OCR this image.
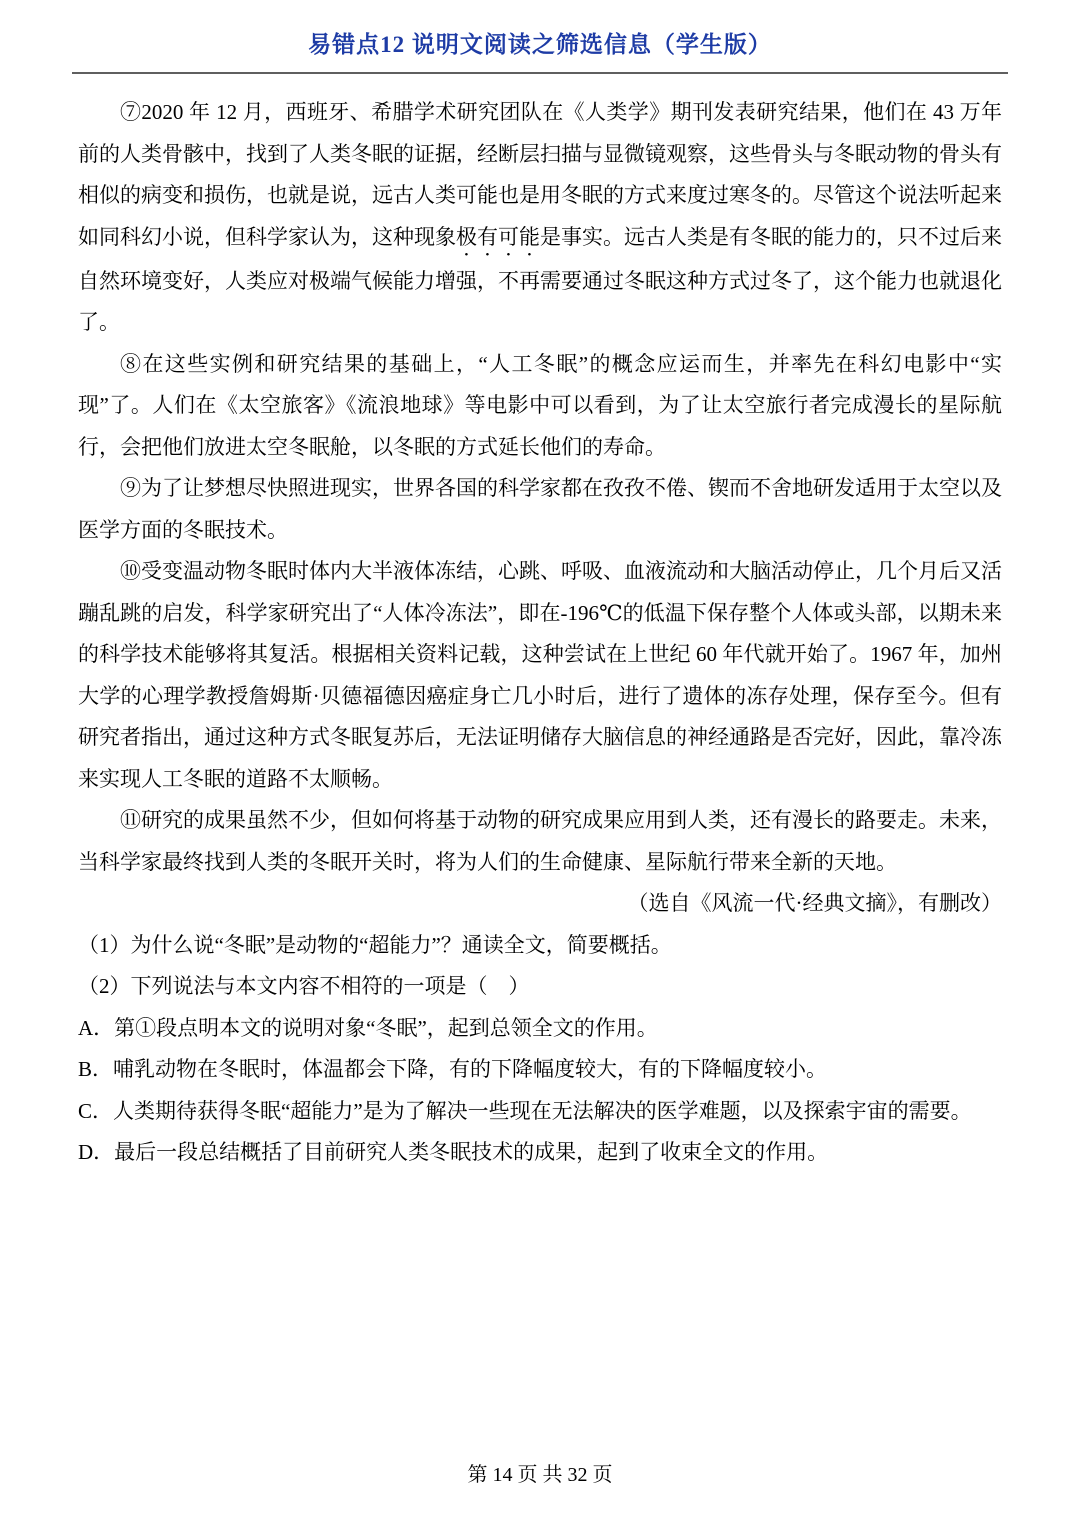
易错点12 说明文阅读之筛选信息（学生版）

⑦2020 年 12 月，西班牙、希腊学术研究团队在《人类学》期刊发表研究结果，他们在 43 万年前的人类骨骸中，找到了人类冬眠的证据，经断层扫描与显微镜观察，这些骨头与冬眠动物的骨头有相似的病变和损伤，也就是说，远古人类可能也是用冬眠的方式来度过寒冬的。尽管这个说法听起来如同科幻小说，但科学家认为，这种现象极有可能是事实。远古人类是有冬眠的能力的，只不过后来自然环境变好，人类应对极端气候能力增强，不再需要通过冬眠这种方式过冬了，这个能力也就退化了。

⑧在这些实例和研究结果的基础上，“人工冬眠”的概念应运而生，并率先在科幻电影中“实现”了。人们在《太空旅客》《流浪地球》等电影中可以看到，为了让太空旅行者完成漫长的星际航行，会把他们放进太空冬眠舱，以冬眠的方式延长他们的寿命。

⑨为了让梦想尽快照进现实，世界各国的科学家都在孜孜不倦、锲而不舍地研发适用于太空以及医学方面的冬眠技术。

⑩受变温动物冬眠时体内大半液体冻结，心跳、呼吸、血液流动和大脑活动停止，几个月后又活蹦乱跳的启发，科学家研究出了“人体冷冻法”，即在-196℃的低温下保存整个人体或头部，以期未来的科学技术能够将其复活。根据相关资料记载，这种尝试在上世纪 60 年代就开始了。1967 年，加州大学的心理学教授詹姆斯·贝德福德因癌症身亡几小时后，进行了遗体的冻存处理，保存至今。但有研究者指出，通过这种方式冬眠复苏后，无法证明储存大脑信息的神经通路是否完好，因此，靠冷冻来实现人工冬眠的道路不太顺畅。

⑪研究的成果虽然不少，但如何将基于动物的研究成果应用到人类，还有漫长的路要走。未来，当科学家最终找到人类的冬眠开关时，将为人们的生命健康、星际航行带来全新的天地。

（选自《风流一代·经典文摘》，有删改）

（1）为什么说“冬眠”是动物的“超能力”？通读全文，简要概括。

（2）下列说法与本文内容不相符的一项是（　）

A．第①段点明本文的说明对象“冬眠”，起到总领全文的作用。

B．哺乳动物在冬眠时，体温都会下降，有的下降幅度较大，有的下降幅度较小。

C．人类期待获得冬眠“超能力”是为了解决一些现在无法解决的医学难题，以及探索宇宙的需要。

D．最后一段总结概括了目前研究人类冬眠技术的成果，起到了收束全文的作用。

第 14 页 共 32 页
